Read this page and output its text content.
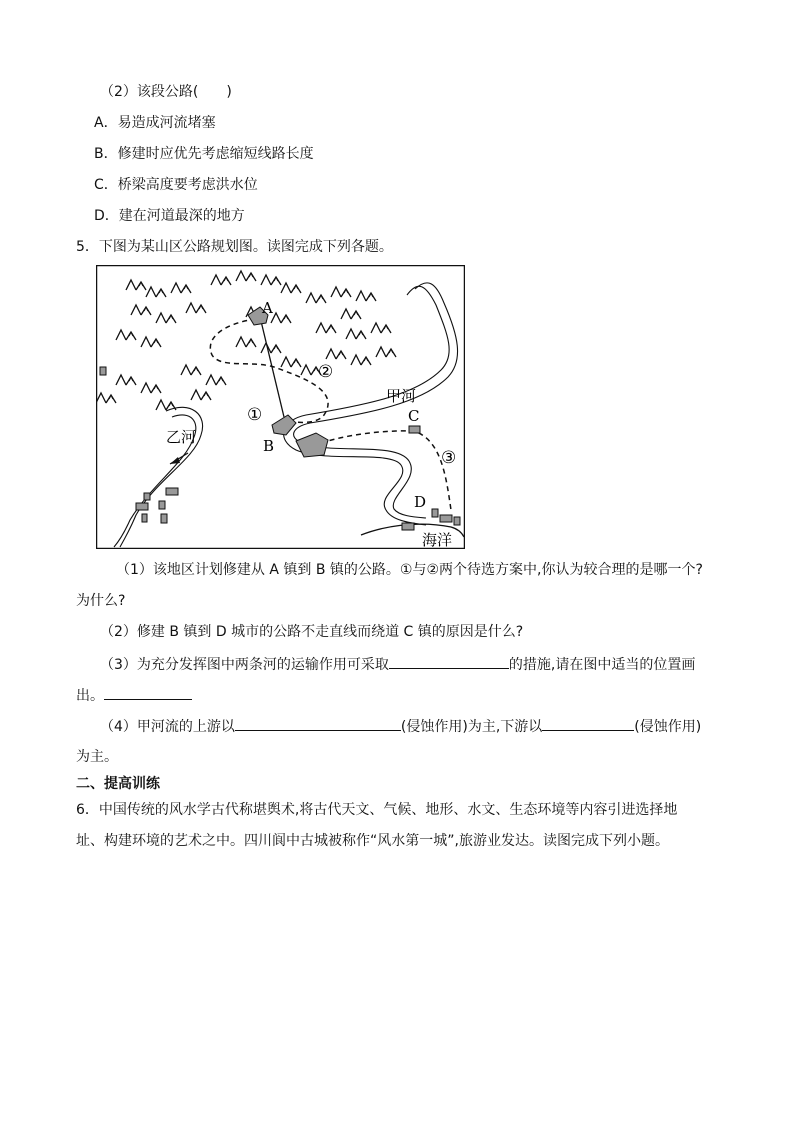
（2）该段公路(　　)
A．易造成河流堵塞
B．修建时应优先考虑缩短线路长度
C．桥梁高度要考虑洪水位
D．建在河道最深的地方
5．下图为某山区公路规划图。读图完成下列各题。
A
B
C
D
①
②
③
甲河
乙河
海洋
（1）该地区计划修建从 A 镇到 B 镇的公路。①与②两个待选方案中,你认为较合理的是哪一个?
为什么?
（2）修建 B 镇到 D 城市的公路不走直线而绕道 C 镇的原因是什么?
（3）为充分发挥图中两条河的运输作用可采取	的措施,请在图中适当的位置画
出。
（4）甲河流的上游以	(侵蚀作用)为主,下游以	(侵蚀作用)
为主。
二、提高训练
6．中国传统的风水学古代称堪舆术,将古代天文、气候、地形、水文、生态环境等内容引进选择地
址、构建环境的艺术之中。四川阆中古城被称作“风水第一城”,旅游业发达。读图完成下列小题。
